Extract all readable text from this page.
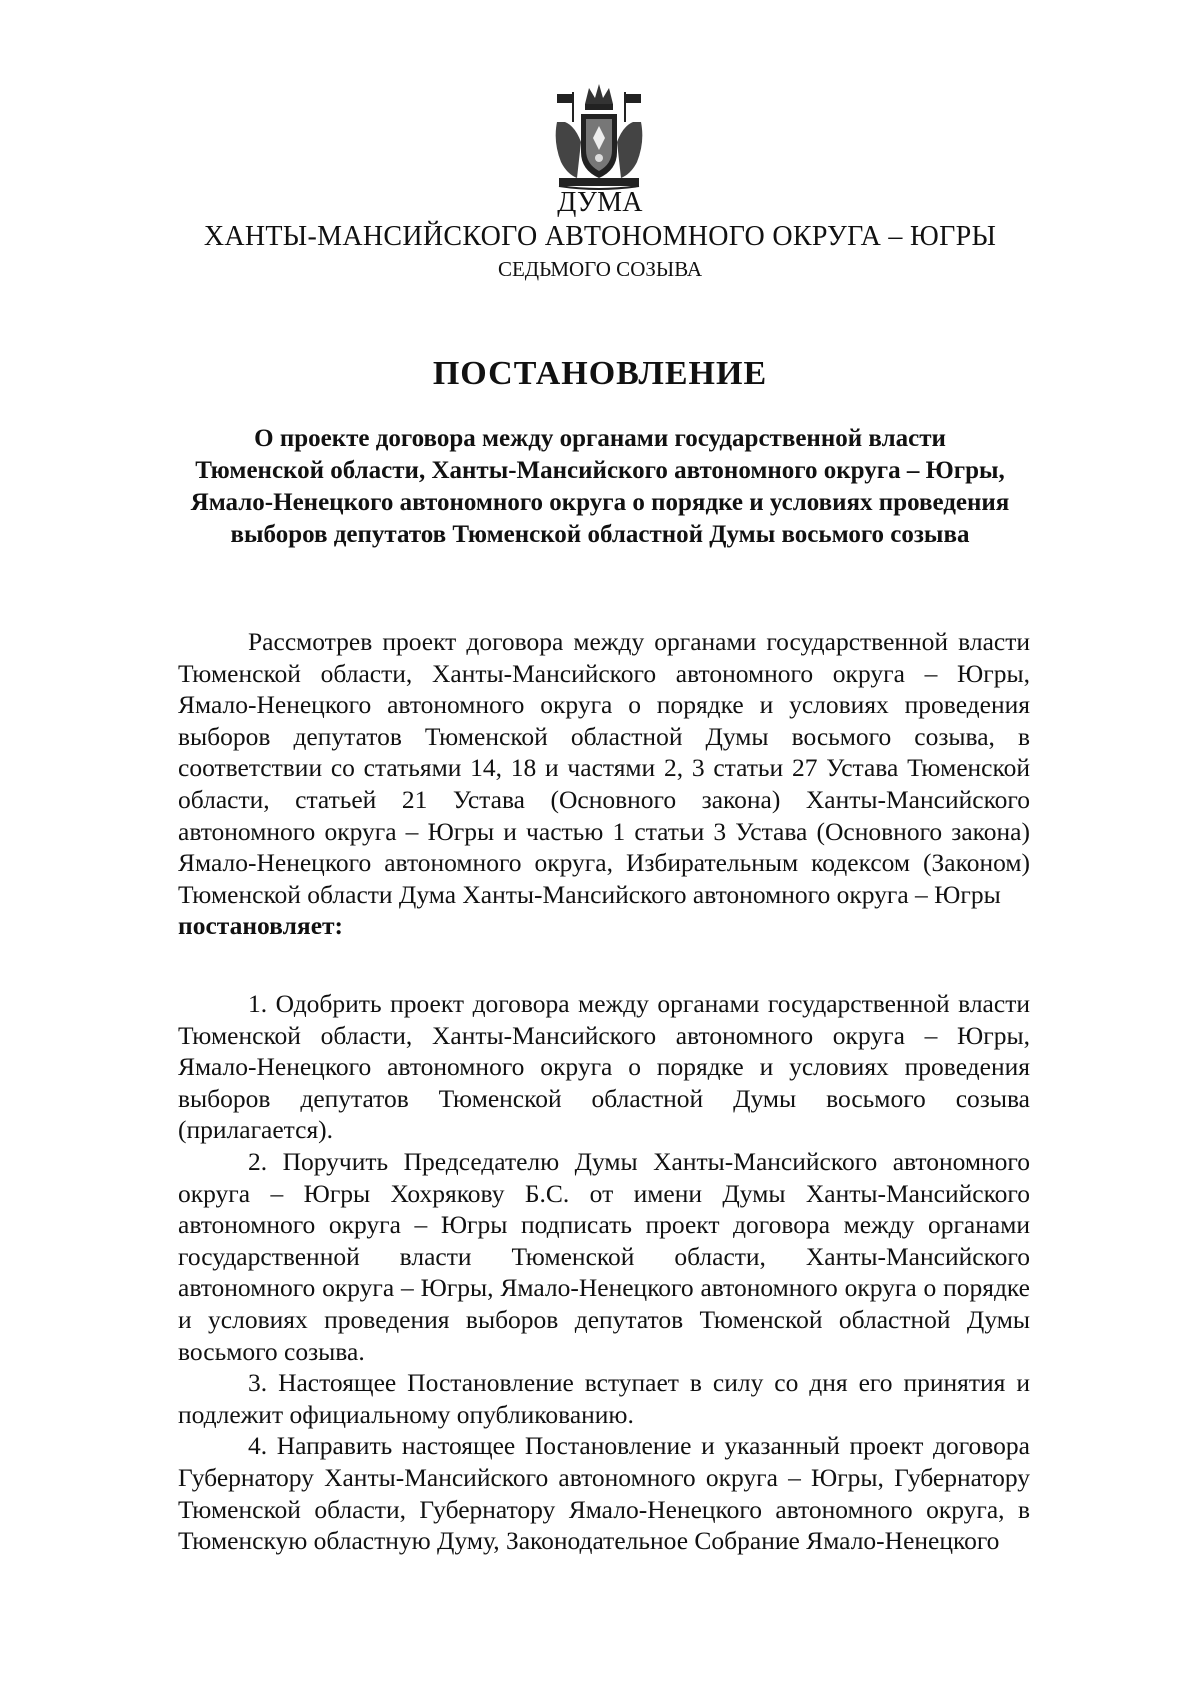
ДУМА
ХАНТЫ-МАНСИЙСКОГО АВТОНОМНОГО ОКРУГА – ЮГРЫ
СЕДЬМОГО СОЗЫВА
ПОСТАНОВЛЕНИЕ
О проекте договора между органами государственной власти
Тюменской области, Ханты-Мансийского автономного округа – Югры,
Ямало-Ненецкого автономного округа о порядке и условиях проведения
выборов депутатов Тюменской областной Думы восьмого созыва

Рассмотрев проект договора между органами государственной власти Тюменской области, Ханты-Мансийского автономного округа – Югры, Ямало-Ненецкого автономного округа о порядке и условиях проведения выборов депутатов Тюменской областной Думы восьмого созыва, в соответствии со статьями 14, 18 и частями 2, 3 статьи 27 Устава Тюменской области, статьей 21 Устава (Основного закона) Ханты-Мансийского автономного округа – Югры и частью 1 статьи 3 Устава (Основного закона) Ямало-Ненецкого автономного округа, Избирательным кодексом (Законом) Тюменской области Дума Ханты-Мансийского автономного округа – Югры
постановляет:

1. Одобрить проект договора между органами государственной власти Тюменской области, Ханты-Мансийского автономного округа – Югры, Ямало-Ненецкого автономного округа о порядке и условиях проведения выборов депутатов Тюменской областной Думы восьмого созыва (прилагается).

2. Поручить Председателю Думы Ханты-Мансийского автономного округа – Югры Хохрякову Б.С. от имени Думы Ханты-Мансийского автономного округа – Югры подписать проект договора между органами государственной власти Тюменской области, Ханты-Мансийского автономного округа – Югры, Ямало-Ненецкого автономного округа о порядке и условиях проведения выборов депутатов Тюменской областной Думы восьмого созыва.

3. Настоящее Постановление вступает в силу со дня его принятия и подлежит официальному опубликованию.

4. Направить настоящее Постановление и указанный проект договора Губернатору Ханты-Мансийского автономного округа – Югры, Губернатору Тюменской области, Губернатору Ямало-Ненецкого автономного округа, в Тюменскую областную Думу, Законодательное Собрание Ямало-Ненецкого
